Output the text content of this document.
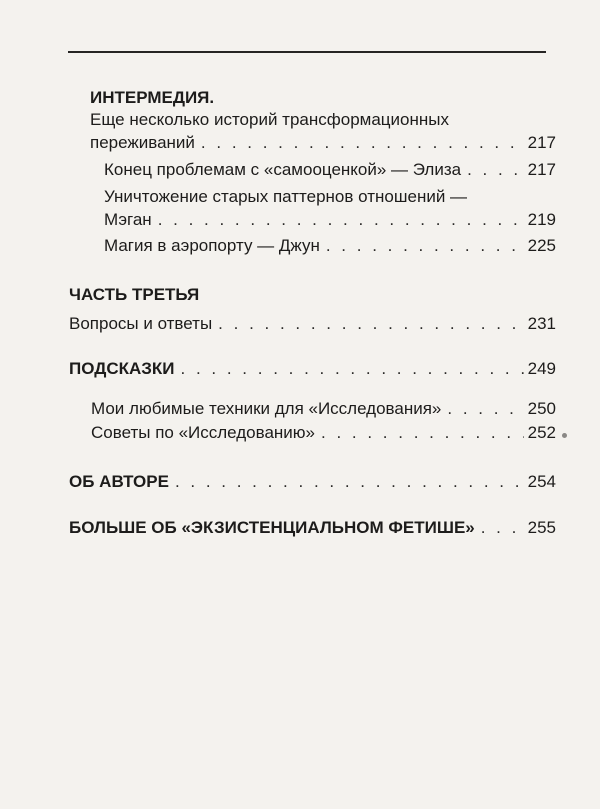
ИНТЕРМЕДИЯ.
Еще несколько историй трансформационных
переживаний . . .	217
Конец проблемам с «самооценкой» — Элиза . . .	217
Уничтожение старых паттернов отношений —
Мэган . . .	219
Магия в аэропорту — Джун . . .	225
ЧАСТЬ ТРЕТЬЯ
Вопросы и ответы . . .	231
ПОДСКАЗКИ . . .	249
Мои любимые техники для «Исследования» . . .	250
Советы по «Исследованию» . . .	252
ОБ АВТОРЕ . . .	254
БОЛЬШЕ ОБ «ЭКЗИСТЕНЦИАЛЬНОМ ФЕТИШЕ» . . .	255
